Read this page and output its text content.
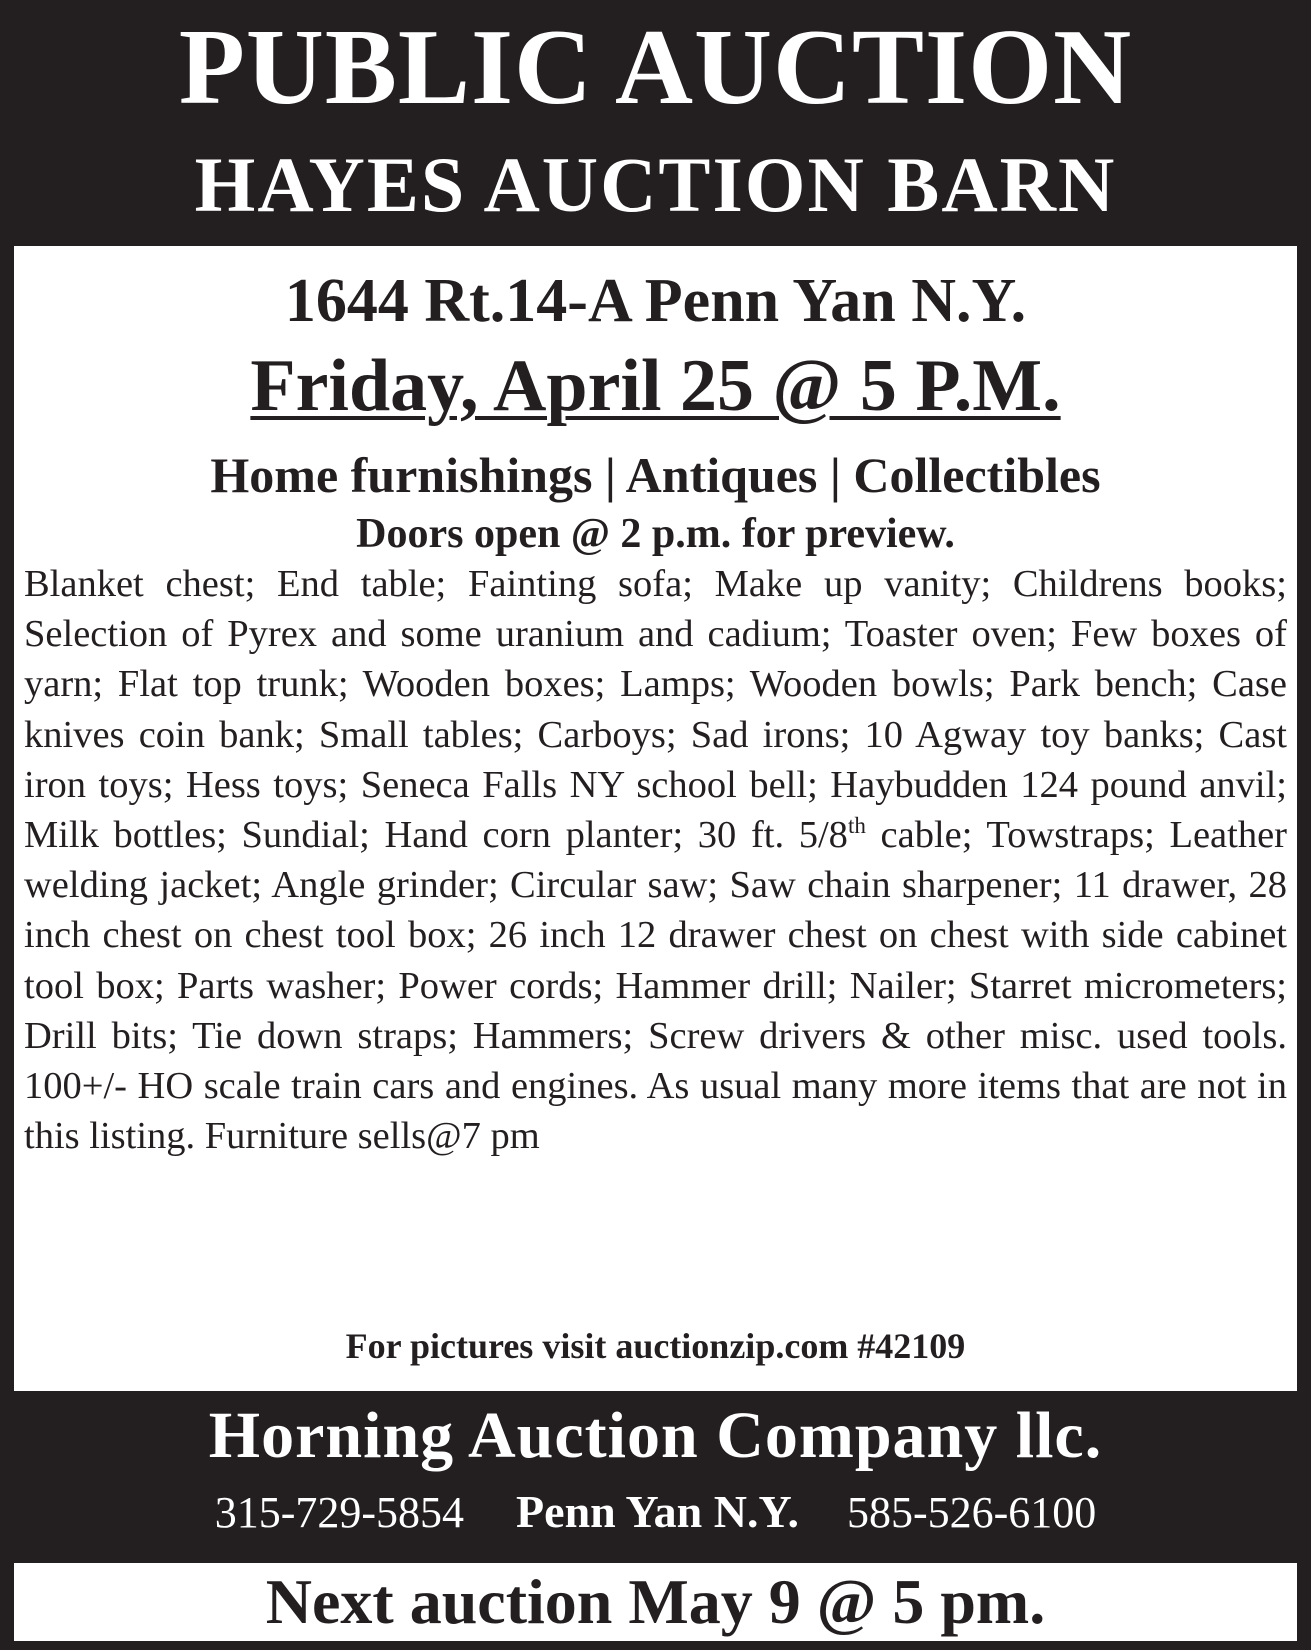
PUBLIC AUCTION
HAYES AUCTION BARN
1644 Rt.14-A Penn Yan N.Y.
Friday, April 25 @ 5 P.M.
Home furnishings | Antiques | Collectibles
Doors open @ 2 p.m. for preview.
Blanket chest; End table; Fainting sofa; Make up vanity; Childrens books; Selection of Pyrex and some uranium and cadium; Toaster oven; Few boxes of yarn; Flat top trunk; Wooden boxes; Lamps; Wooden bowls; Park bench; Case knives coin bank; Small tables; Carboys; Sad irons; 10 Agway toy banks; Cast iron toys; Hess toys; Seneca Falls NY school bell; Haybudden 124 pound anvil; Milk bottles; Sundial; Hand corn planter; 30 ft. 5/8th cable; Towstraps; Leather welding jacket; Angle grinder; Circular saw; Saw chain sharpener; 11 drawer, 28 inch chest on chest tool box; 26 inch 12 drawer chest on chest with side cabinet tool box; Parts washer; Power cords; Hammer drill; Nailer; Starret micrometers; Drill bits; Tie down straps; Hammers; Screw drivers & other misc. used tools. 100+/- HO scale train cars and engines. As usual many more items that are not in this listing. Furniture sells@7 pm
For pictures visit auctionzip.com #42109
Horning Auction Company llc.
315-729-5854 Penn Yan N.Y. 585-526-6100
Next auction May 9 @ 5 pm.
